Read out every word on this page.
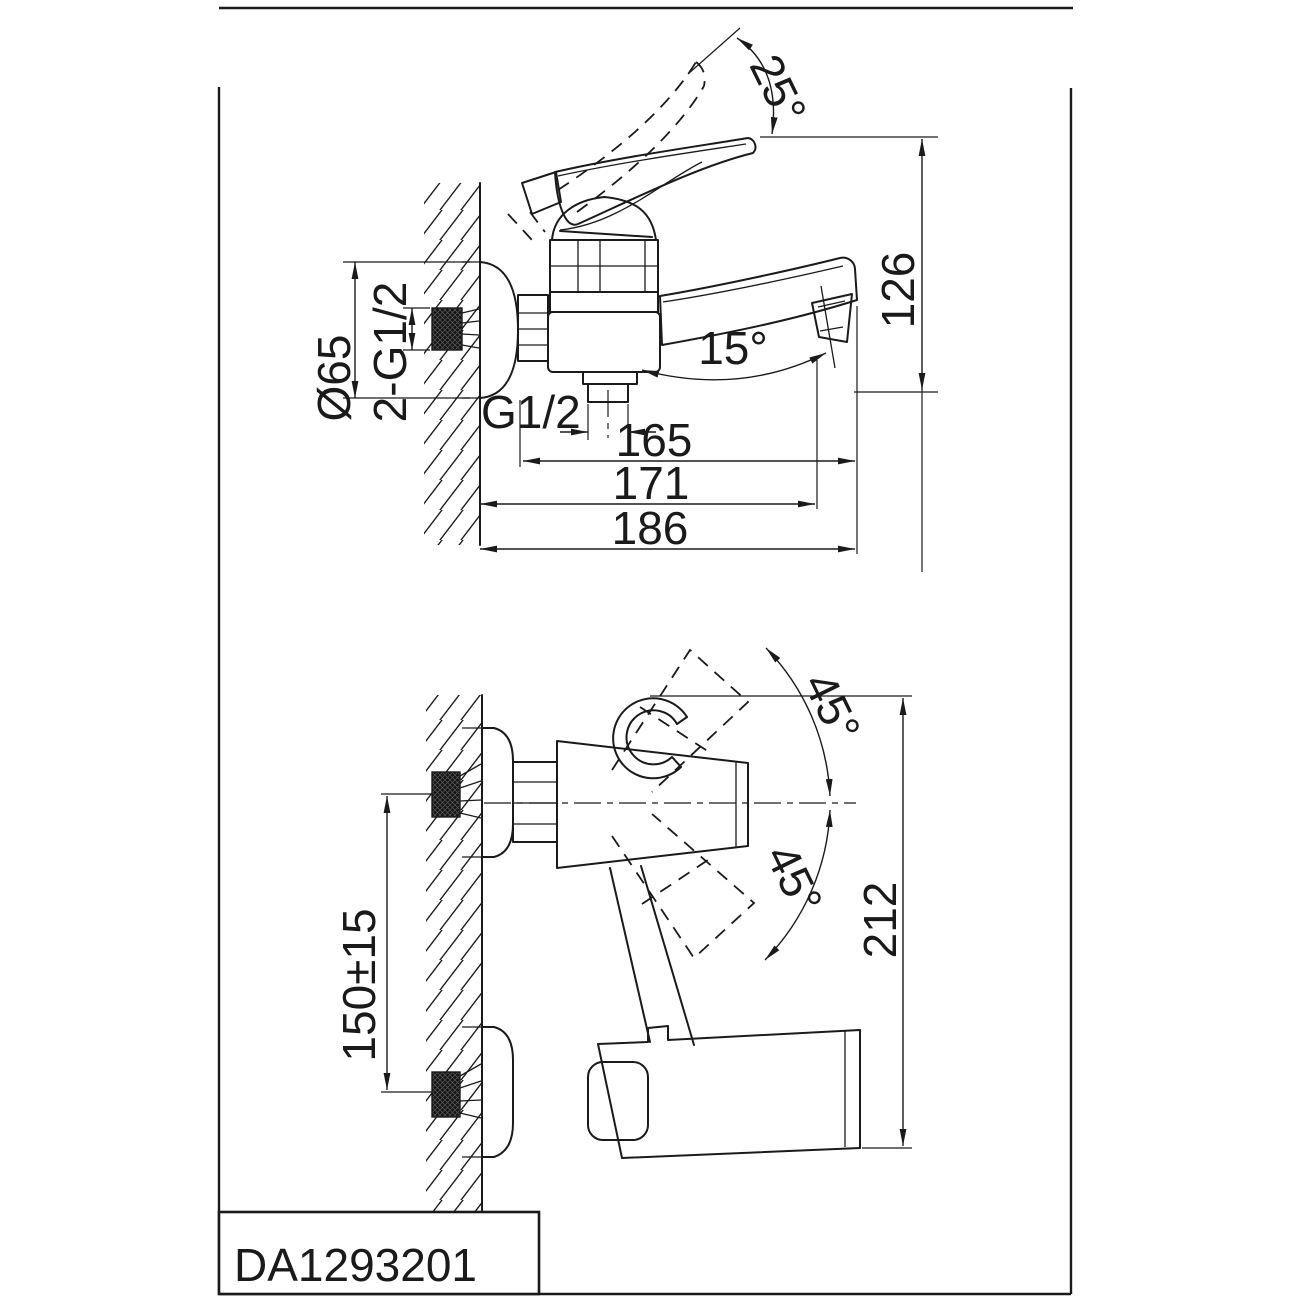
Ø65 2-G1/2
25°
126
15°
G1/2
165
171
186
45°
45° 212
150±15
DA1293201
